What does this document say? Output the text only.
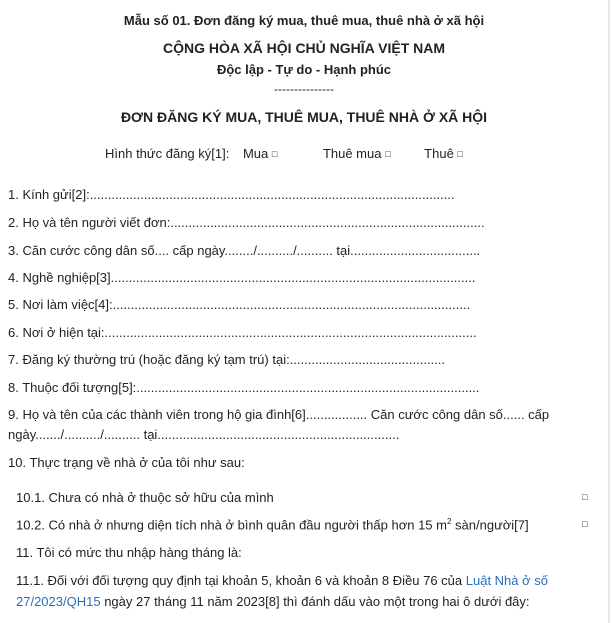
Mẫu số 01. Đơn đăng ký mua, thuê mua, thuê nhà ở xã hội
CỘNG HÒA XÃ HỘI CHỦ NGHĨA VIỆT NAM
Độc lập - Tự do - Hạnh phúc
---------------
ĐƠN ĐĂNG KÝ MUA, THUÊ MUA, THUÊ NHÀ Ở XÃ HỘI
Hình thức đăng ký[1]: Mua □	Thuê mua □	Thuê □
1. Kính gửi[2]:.....................................................................................................
2. Họ và tên người viết đơn:.......................................................................................
3. Căn cước công dân số.... cấp ngày......../........../.......... tại....................................
4. Nghề nghiệp[3].....................................................................................................
5. Nơi làm việc[4]:...................................................................................................
6. Nơi ở hiện tại:.......................................................................................................
7. Đăng ký thường trú (hoặc đăng ký tạm trú) tại:...........................................
8. Thuộc đối tượng[5]:...............................................................................................
9. Họ và tên của các thành viên trong hộ gia đình[6]................. Căn cước công dân số...... cấp
ngày......./........../.......... tại...................................................................
10. Thực trạng về nhà ở của tôi như sau:
10.1. Chưa có nhà ở thuộc sở hữu của mình	□
10.2. Có nhà ở nhưng diện tích nhà ở bình quân đầu người thấp hơn 15 $m^2$ sàn/người[7]	□
11. Tôi có mức thu nhập hàng tháng là:
11.1. Đối với đối tượng quy định tại khoản 5, khoản 6 và khoản 8 Điều 76 của Luật Nhà ở số
27/2023/QH15 ngày 27 tháng 11 năm 2023[8] thì đánh dấu vào một trong hai ô dưới đây:
